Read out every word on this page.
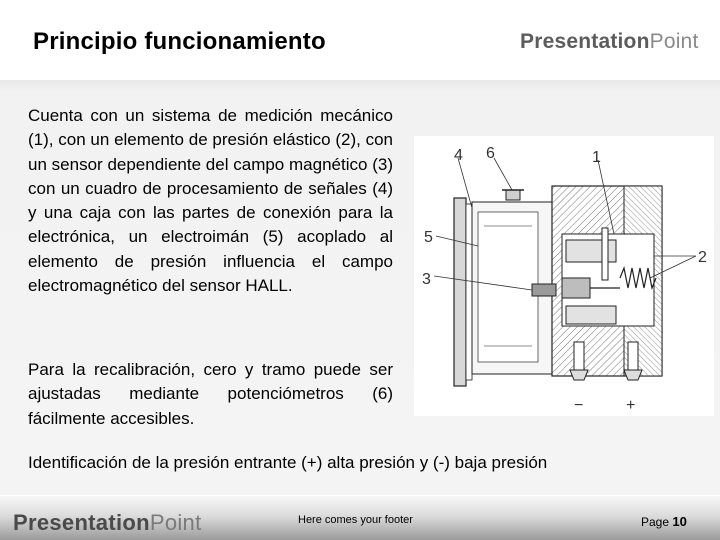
Principio funcionamiento	PresentationPoint
Cuenta con un sistema de medición mecánico (1), con un elemento de presión elástico (2), con un sensor dependiente del campo magnético (3) con un cuadro de procesamiento de señales (4) y una caja con las partes de conexión para la electrónica, un electroimán (5) acoplado al elemento de presión influencia el campo electromagnético del sensor HALL.
Para la recalibración, cero y tramo puede ser ajustadas mediante potenciómetros (6) fácilmente accesibles.
4 6	1
5
2
3
−	+
Identificación de la presión entrante (+) alta presión y (-) baja presión
PresentationPoint	Here comes your footer	Page 10
